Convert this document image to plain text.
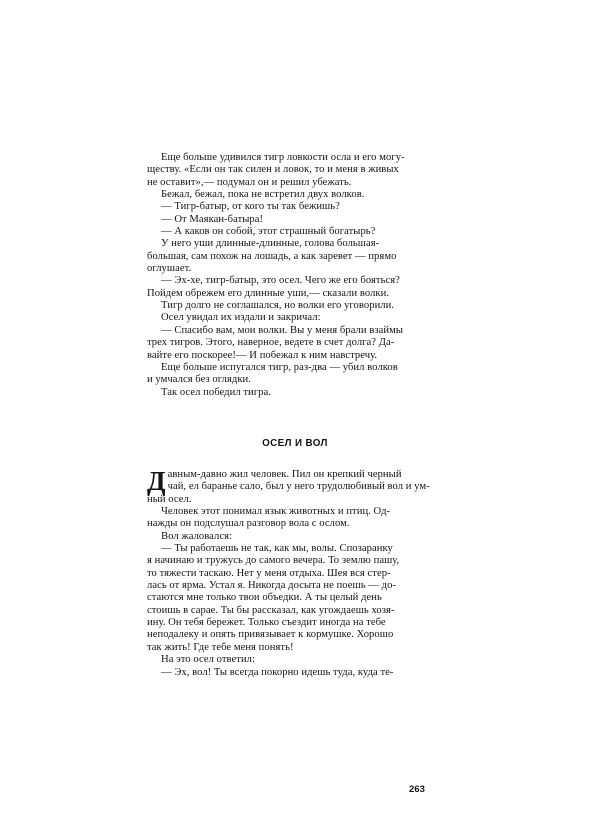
Еще больше удивился тигр ловкости осла и его могу-

ществу. «Если он так силен и ловок, то и меня в живых

не оставит»,— подумал он и решил убежать.

Бежал, бежал, пока не встретил двух волков.

— Тигр-батыр, от кого ты так бежишь?

— От Маякан-батыра!

— А каков он собой, этот страшный богатырь?

У него уши длинные-длинные, голова большая-

большая, сам похож на лошадь, а как заревет — прямо

оглушает.

— Эх-хе, тигр-батыр, это осел. Чего же его бояться?

Пойдем обрежем его длинные уши,— сказали волки.

Тигр долго не соглашался, но волки его уговорили.

Осел увидал их издали и закричал:

— Спасибо вам, мои волки. Вы у меня брали взаймы

трех тигров. Этого, наверное, ведете в счет долга? Да-

вайте его поскорее!— И побежал к ним навстречу.

Еще больше испугался тигр, раз-два — убил волков

и умчался без оглядки.

Так осел победил тигра.

ОСЕЛ И ВОЛ
Д авным-давно жил человек. Пил он крепкий черный

чай, ел баранье сало, был у него трудолюбивый вол и ум-

ный осел.

Человек этот понимал язык животных и птиц. Од-

нажды он подслушал разговор вола с ослом.

Вол жаловался:

— Ты работаешь не так, как мы, волы. Спозаранку

я начинаю и тружусь до самого вечера. То землю пашу,

то тяжести таскаю. Нет у меня отдыха. Шея вся стер-

лась от ярма. Устал я. Никогда досыта не поешь — до-

стаются мне только твои объедки. А ты целый день

стоишь в сарае. Ты бы рассказал, как угождаешь хозя-

ину. Он тебя бережет. Только съездит иногда на тебе

неподалеку и опять привязывает к кормушке. Хорошо

так жить! Где тебе меня понять!

На это осел ответил:

— Эх, вол! Ты всегда покорно идешь туда, куда те-

263
